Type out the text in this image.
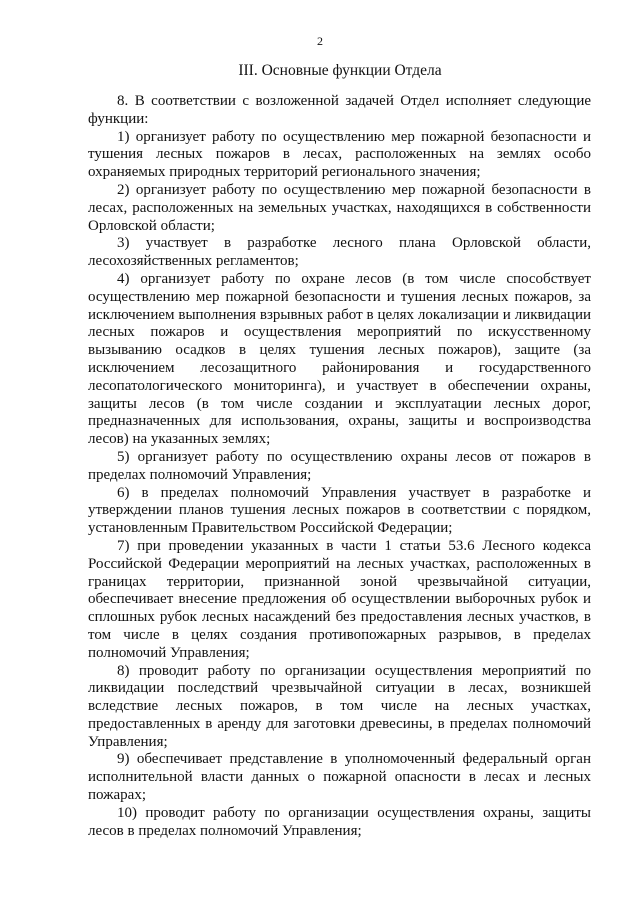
2
III. Основные функции Отдела

8. В соответствии с возложенной задачей Отдел исполняет следующие функции:

1) организует работу по осуществлению мер пожарной безопасности и тушения лесных пожаров в лесах, расположенных на землях особо охраняемых природных территорий регионального значения;

2) организует работу по осуществлению мер пожарной безопасности в лесах, расположенных на земельных участках, находящихся в собственности Орловской области;

3) участвует в разработке лесного плана Орловской области, лесохозяйственных регламентов;

4) организует работу по охране лесов (в том числе способствует осуществлению мер пожарной безопасности и тушения лесных пожаров, за исключением выполнения взрывных работ в целях локализации и ликвидации лесных пожаров и осуществления мероприятий по искусственному вызыванию осадков в целях тушения лесных пожаров), защите (за исключением лесозащитного районирования и государственного лесопатологического мониторинга), и участвует в обеспечении охраны, защиты лесов (в том числе создании и эксплуатации лесных дорог, предназначенных для использования, охраны, защиты и воспроизводства лесов) на указанных землях;

5) организует работу по осуществлению охраны лесов от пожаров в пределах полномочий Управления;

6) в пределах полномочий Управления участвует в разработке и утверждении планов тушения лесных пожаров в соответствии с порядком, установленным Правительством Российской Федерации;

7) при проведении указанных в части 1 статьи 53.6 Лесного кодекса Российской Федерации мероприятий на лесных участках, расположенных в границах территории, признанной зоной чрезвычайной ситуации, обеспечивает внесение предложения об осуществлении выборочных рубок и сплошных рубок лесных насаждений без предоставления лесных участков, в том числе в целях создания противопожарных разрывов, в пределах полномочий Управления;

8) проводит работу по организации осуществления мероприятий по ликвидации последствий чрезвычайной ситуации в лесах, возникшей вследствие лесных пожаров, в том числе на лесных участках, предоставленных в аренду для заготовки древесины, в пределах полномочий Управления;

9) обеспечивает представление в уполномоченный федеральный орган исполнительной власти данных о пожарной опасности в лесах и лесных пожарах;

10) проводит работу по организации осуществления охраны, защиты лесов в пределах полномочий Управления;
